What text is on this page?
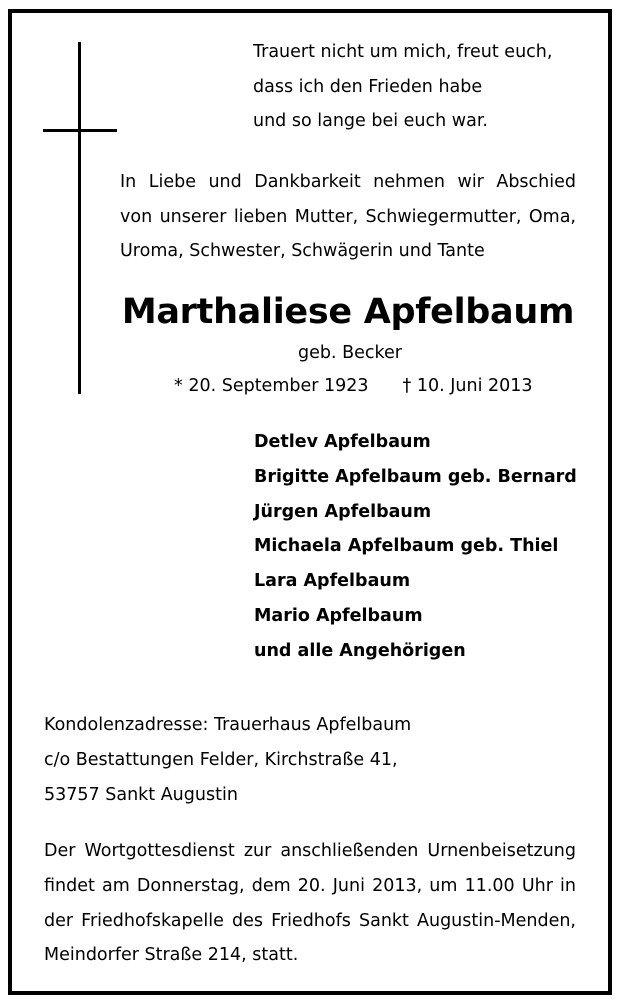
Trauert nicht um mich, freut euch,
dass ich den Frieden habe
und so lange bei euch war.
In Liebe und Dankbarkeit nehmen wir Abschied
von unserer lieben Mutter, Schwiegermutter, Oma,
Uroma, Schwester, Schwägerin und Tante
Marthaliese Apfelbaum
geb. Becker
* 20. September 1923 † 10. Juni 2013
Detlev Apfelbaum
Brigitte Apfelbaum geb. Bernard
Jürgen Apfelbaum
Michaela Apfelbaum geb. Thiel
Lara Apfelbaum
Mario Apfelbaum
und alle Angehörigen
Kondolenzadresse: Trauerhaus Apfelbaum
c/o Bestattungen Felder, Kirchstraße 41,
53757 Sankt Augustin
Der Wortgottesdienst zur anschließenden Urnenbeisetzung
findet am Donnerstag, dem 20. Juni 2013, um 11.00 Uhr in
der Friedhofskapelle des Friedhofs Sankt Augustin-Menden,
Meindorfer Straße 214, statt.
